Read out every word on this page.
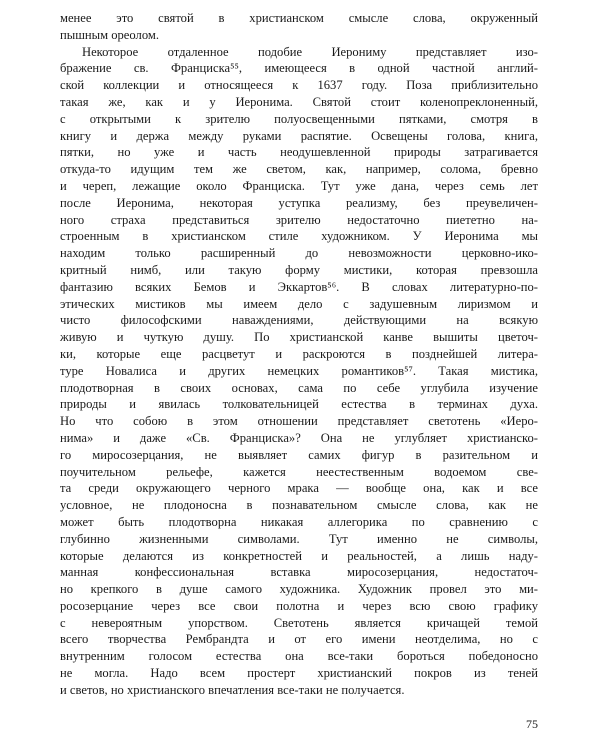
менее это святой в христианском смысле слова, окруженный
пышным ореолом.
Некоторое отдаленное подобие Иерониму представляет изо-
бражение св. Франциска⁵⁵, имеющееся в одной частной англий-
ской коллекции и относящееся к 1637 году. Поза приблизительно
такая же, как и у Иеронима. Святой стоит коленопреклоненный,
с открытыми к зрителю полуосвещенными пятками, смотря в
книгу и держа между руками распятие. Освещены голова, книга,
пятки, но уже и часть неодушевленной природы затрагивается
откуда-то идущим тем же светом, как, например, солома, бревно
и череп, лежащие около Франциска. Тут уже дана, через семь лет
после Иеронима, некоторая уступка реализму, без преувеличен-
ного страха представиться зрителю недостаточно пиететно на-
строенным в христианском стиле художником. У Иеронима мы
находим только расширенный до невозможности церковно-ико-
критный нимб, или такую форму мистики, которая превзошла
фантазию всяких Бемов и Эккартов⁵⁶. В словах литературно-по-
этических мистиков мы имеем дело с задушевным лиризмом и
чисто философскими наваждениями, действующими на всякую
живую и чуткую душу. По христианской канве вышиты цветоч-
ки, которые еще расцветут и раскроются в позднейшей литера-
туре Новалиса и других немецких романтиков⁵⁷. Такая мистика,
плодотворная в своих основах, сама по себе углубила изучение
природы и явилась толковательницей естества в терминах духа.
Но что собою в этом отношении представляет светотень «Иеро-
нима» и даже «Св. Франциска»? Она не углубляет христианско-
го миросозерцания, не выявляет самих фигур в разительном и
поучительном рельефе, кажется неестественным водоемом све-
та среди окружающего черного мрака — вообще она, как и все
условное, не плодоносна в познавательном смысле слова, как не
может быть плодотворна никакая аллегорика по сравнению с
глубинно жизненными символами. Тут именно не символы,
которые делаются из конкретностей и реальностей, а лишь наду-
манная конфессиональная вставка миросозерцания, недостаточ-
но крепкого в душе самого художника. Художник провел это ми-
росозерцание через все свои полотна и через всю свою графику
с невероятным упорством. Светотень является кричащей темой
всего творчества Рембрандта и от его имени неотделима, но с
внутренним голосом естества она все-таки бороться победоносно
не могла. Надо всем простерт христианский покров из теней
и светов, но христианского впечатления все-таки не получается.
75
